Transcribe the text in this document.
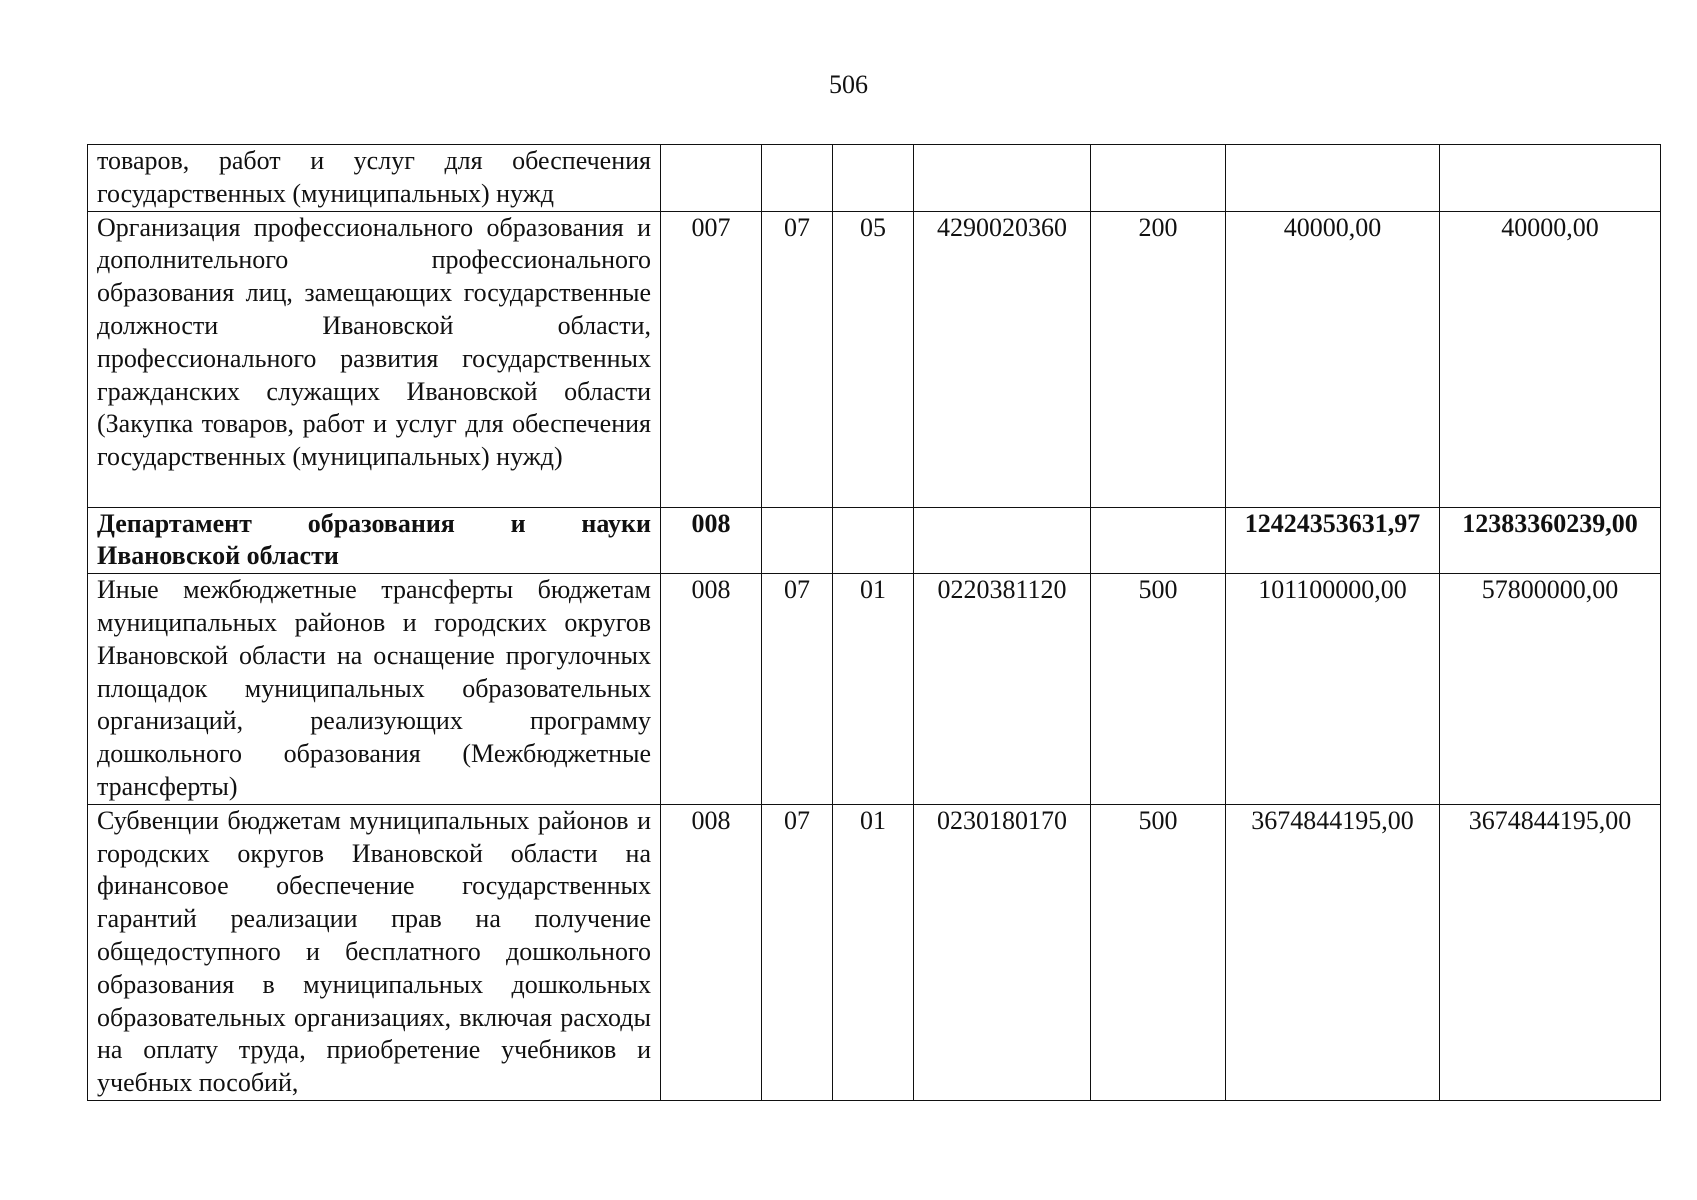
506
товаров, работ и услуг для обеспечения государственных (муниципальных) нужд							
Организация профессионального образования и дополнительного профессионального образования лиц, замещающих государственные должности Ивановской области, профессионального развития государственных гражданских служащих Ивановской области (Закупка товаров, работ и услуг для обеспечения государственных (муниципальных) нужд)	007	07	05	4290020360	200	40000,00	40000,00
Департамент образования и науки Ивановской области	008					12424353631,97	12383360239,00
Иные межбюджетные трансферты бюджетам муниципальных районов и городских округов Ивановской области на оснащение прогулочных площадок муниципальных образовательных организаций, реализующих программу дошкольного образования (Межбюджетные трансферты)	008	07	01	0220381120	500	101100000,00	57800000,00
Субвенции бюджетам муниципальных районов и городских округов Ивановской области на финансовое обеспечение государственных гарантий реализации прав на получение общедоступного и бесплатного дошкольного образования в муниципальных дошкольных образовательных организациях, включая расходы на оплату труда, приобретение учебников и учебных пособий,	008	07	01	0230180170	500	3674844195,00	3674844195,00
